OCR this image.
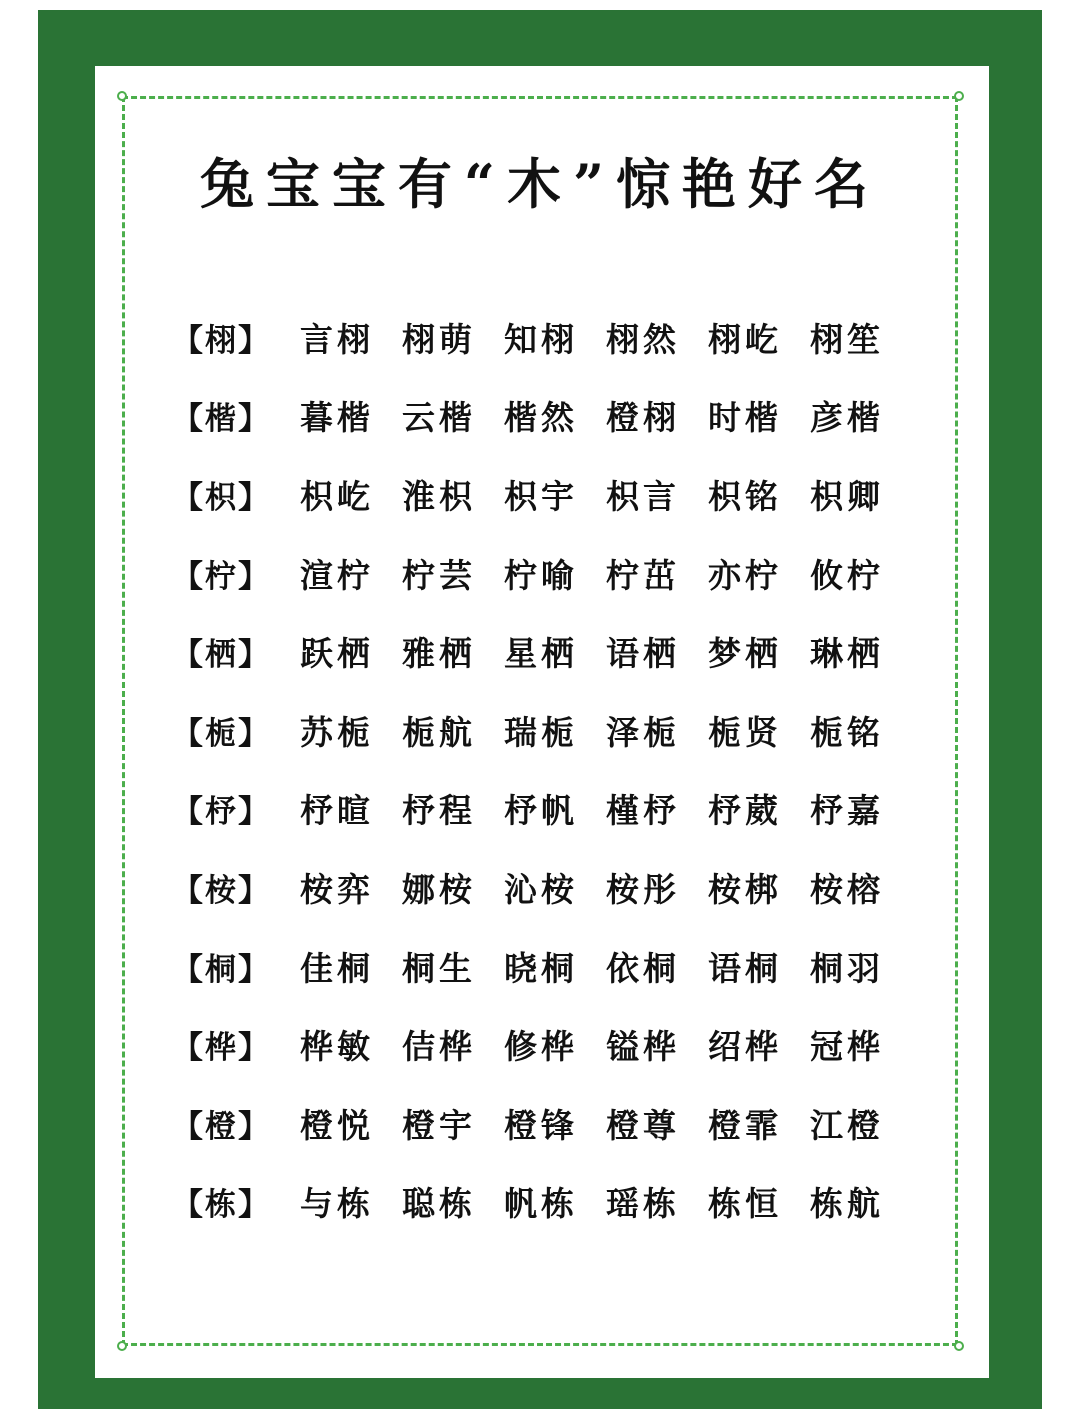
兔宝宝有“木”惊艳好名
【栩】 言栩 栩萌 知栩 栩然 栩屹 栩笙
【楷】 暮楷 云楷 楷然 橙栩 时楷 彦楷
【枳】 枳屹 淮枳 枳宇 枳言 枳铭 枳卿
【柠】 渲柠 柠芸 柠喻 柠茁 亦柠 攸柠
【栖】 跃栖 雅栖 星栖 语栖 梦栖 琳栖
【栀】 苏栀 栀航 瑞栀 泽栀 栀贤 栀铭
【杼】 杼暄 杼程 杼帆 槿杼 杼葳 杼嘉
【桉】 桉弈 娜桉 沁桉 桉彤 桉梆 桉榕
【桐】 佳桐 桐生 晓桐 依桐 语桐 桐羽
【桦】 桦敏 佶桦 修桦 镒桦 绍桦 冠桦
【橙】 橙悦 橙宇 橙锋 橙尊 橙霏 江橙
【栋】 与栋 聪栋 帆栋 瑶栋 栋恒 栋航
